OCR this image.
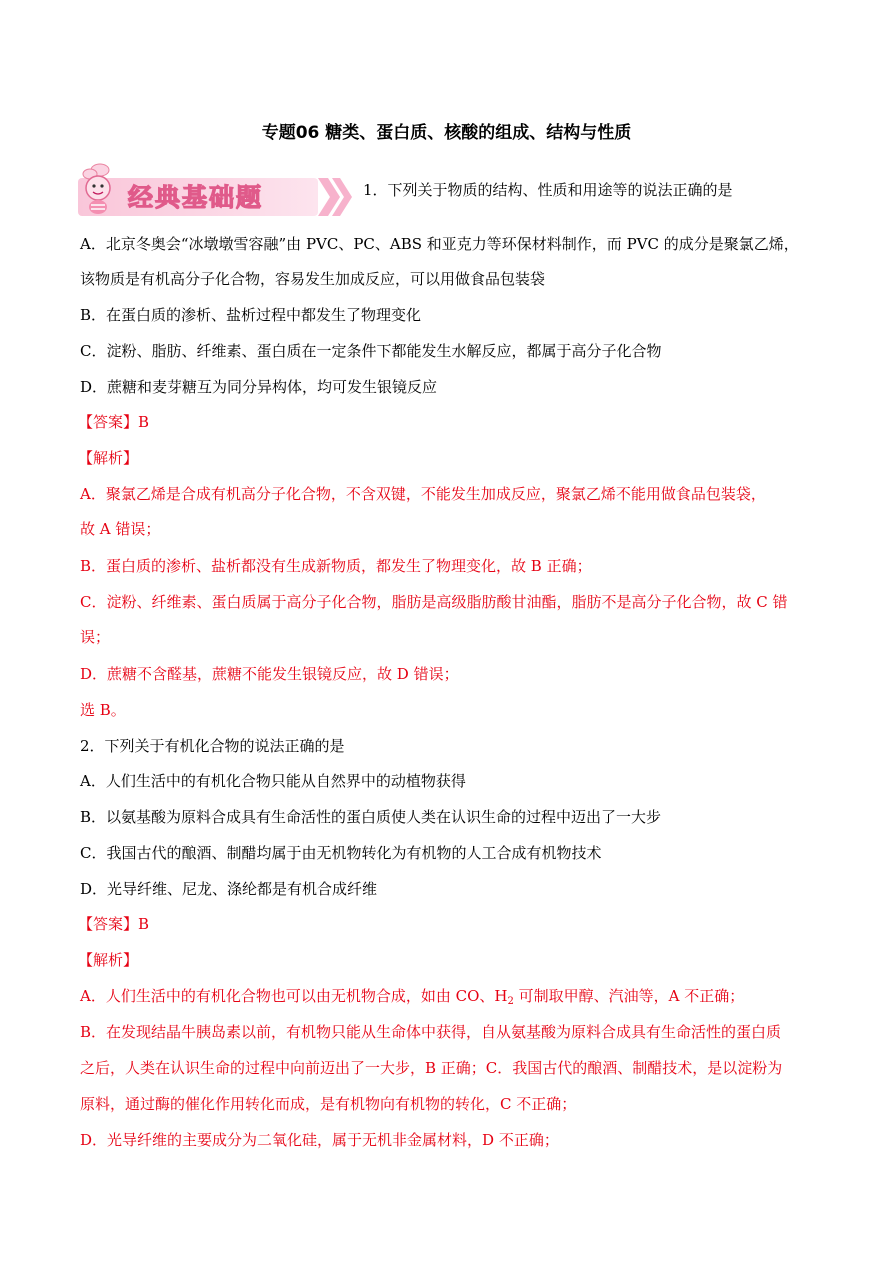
专题06 糖类、蛋白质、核酸的组成、结构与性质
经典基础题	1．下列关于物质的结构、性质和用途等的说法正确的是
A．北京冬奥会“冰墩墩雪容融”由 PVC、PC、ABS 和亚克力等环保材料制作，而 PVC 的成分是聚氯乙烯，
该物质是有机高分子化合物，容易发生加成反应，可以用做食品包装袋
B．在蛋白质的渗析、盐析过程中都发生了物理变化
C．淀粉、脂肪、纤维素、蛋白质在一定条件下都能发生水解反应，都属于高分子化合物
D．蔗糖和麦芽糖互为同分异构体，均可发生银镜反应
【答案】B
【解析】
A．聚氯乙烯是合成有机高分子化合物，不含双键，不能发生加成反应，聚氯乙烯不能用做食品包装袋，
故 A 错误；
B．蛋白质的渗析、盐析都没有生成新物质，都发生了物理变化，故 B 正确；
C．淀粉、纤维素、蛋白质属于高分子化合物，脂肪是高级脂肪酸甘油酯，脂肪不是高分子化合物，故 C 错
误；
D．蔗糖不含醛基，蔗糖不能发生银镜反应，故 D 错误；
选 B。
2．下列关于有机化合物的说法正确的是
A．人们生活中的有机化合物只能从自然界中的动植物获得
B．以氨基酸为原料合成具有生命活性的蛋白质使人类在认识生命的过程中迈出了一大步
C．我国古代的酿酒、制醋均属于由无机物转化为有机物的人工合成有机物技术
D．光导纤维、尼龙、涤纶都是有机合成纤维
【答案】B
【解析】
A．人们生活中的有机化合物也可以由无机物合成，如由 CO、$H_2$ 可制取甲醇、汽油等，A 不正确；
B．在发现结晶牛胰岛素以前，有机物只能从生命体中获得，自从氨基酸为原料合成具有生命活性的蛋白质
之后，人类在认识生命的过程中向前迈出了一大步，B 正确；C．我国古代的酿酒、制醋技术，是以淀粉为
原料，通过酶的催化作用转化而成，是有机物向有机物的转化，C 不正确；
D．光导纤维的主要成分为二氧化硅，属于无机非金属材料，D 不正确；
